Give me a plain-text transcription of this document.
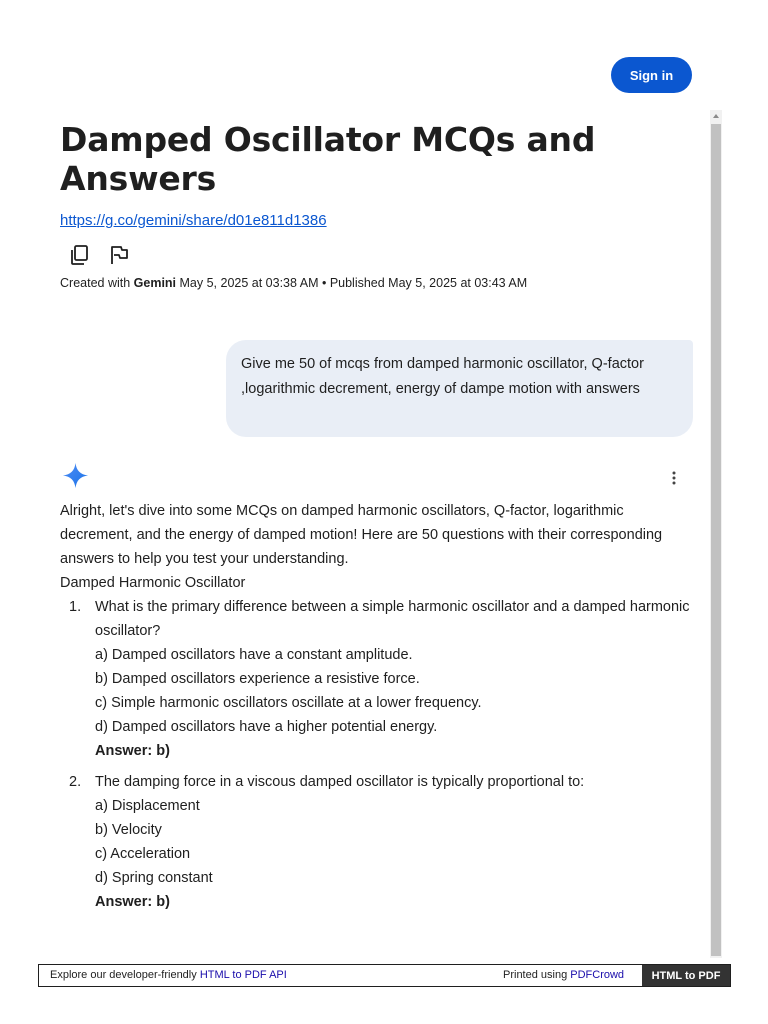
Sign in
Damped Oscillator MCQs and Answers
https://g.co/gemini/share/d01e811d1386
Created with Gemini May 5, 2025 at 03:38 AM • Published May 5, 2025 at 03:43 AM
Give me 50 of mcqs from damped harmonic oscillator, Q-factor ,logarithmic decrement, energy of dampe motion with answers

Alright, let's dive into some MCQs on damped harmonic oscillators, Q-factor, logarithmic decrement, and the energy of damped motion! Here are 50 questions with their corresponding answers to help you test your understanding.

Damped Harmonic Oscillator

1. What is the primary difference between a simple harmonic oscillator and a damped harmonic oscillator?
a) Damped oscillators have a constant amplitude.
b) Damped oscillators experience a resistive force.
c) Simple harmonic oscillators oscillate at a lower frequency.
d) Damped oscillators have a higher potential energy.
Answer: b)
2. The damping force in a viscous damped oscillator is typically proportional to:
a) Displacement
b) Velocity
c) Acceleration
d) Spring constant
Answer: b)
Explore our developer-friendly HTML to PDF API	Printed using PDFCrowd	HTML to PDF
